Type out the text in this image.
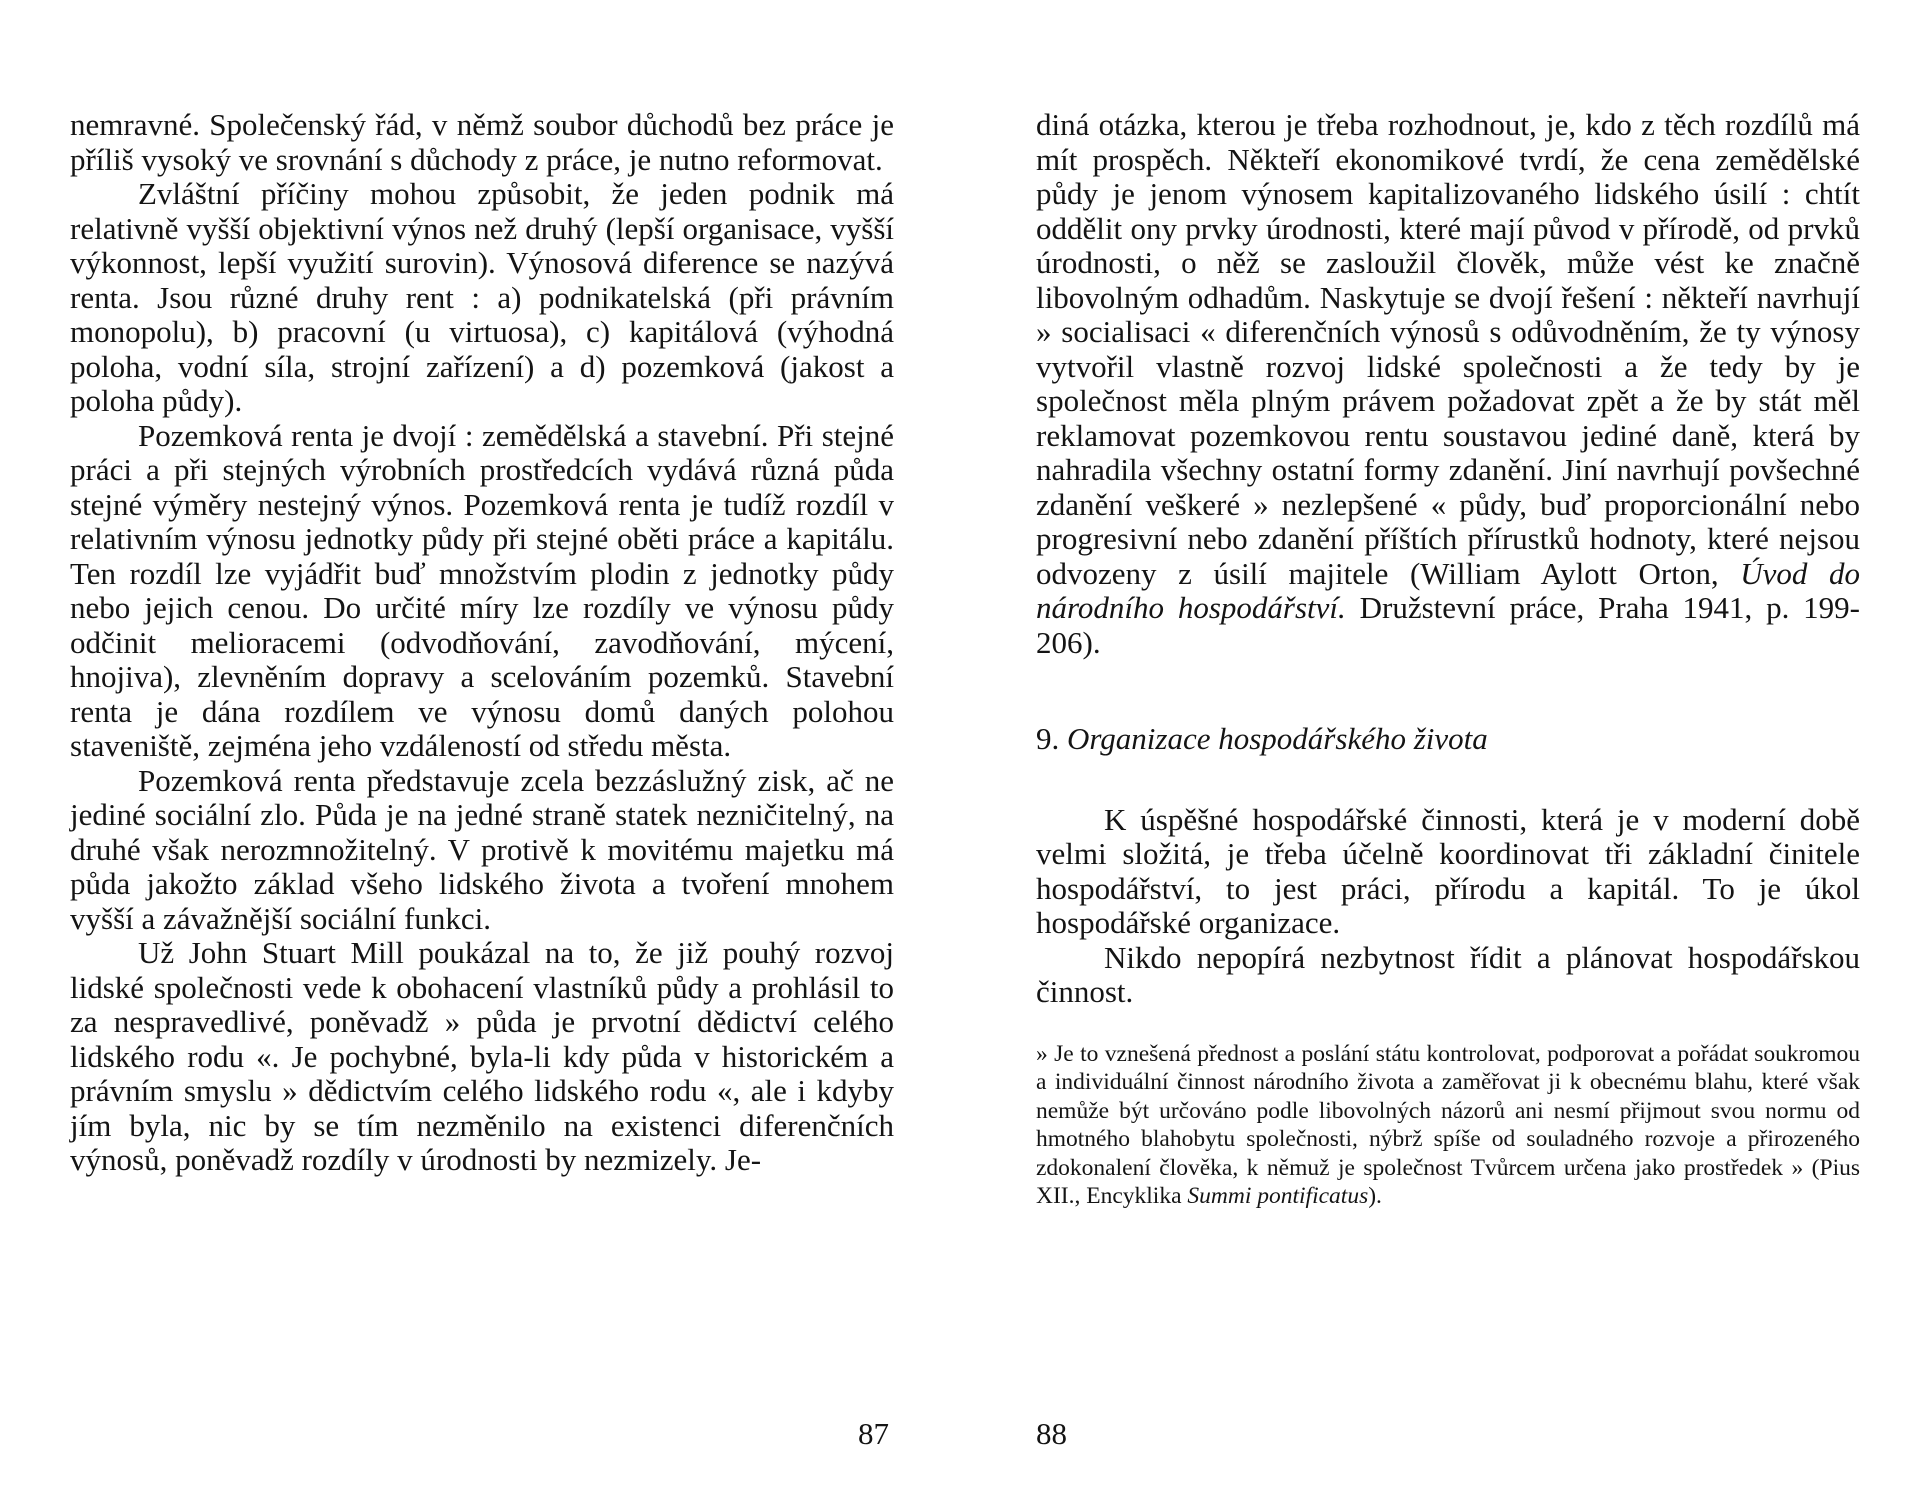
nemravné. Společenský řád, v němž soubor důchodů bez práce je příliš vysoký ve srovnání s důchody z práce, je nutno reformovat.

Zvláštní příčiny mohou způsobit, že jeden podnik má relativně vyšší objektivní výnos než druhý (lepší organisace, vyšší výkonnost, lepší využití surovin). Výnosová diference se nazývá renta. Jsou různé druhy rent : a) podnikatelská (při právním monopolu), b) pracovní (u virtuosa), c) kapitálová (výhodná poloha, vodní síla, strojní zařízení) a d) pozemková (jakost a poloha půdy).

Pozemková renta je dvojí : zemědělská a stavební. Při stejné práci a při stejných výrobních prostředcích vydává různá půda stejné výměry nestejný výnos. Pozemková renta je tudíž rozdíl v relativním výnosu jednotky půdy při stejné oběti práce a kapitálu. Ten rozdíl lze vyjádřit buď množstvím plodin z jednotky půdy nebo jejich cenou. Do určité míry lze rozdíly ve výnosu půdy odčinit melioracemi (odvodňování, zavodňování, mýcení, hnojiva), zlevněním dopravy a scelováním pozemků. Stavební renta je dána rozdílem ve výnosu domů daných polohou staveniště, zejména jeho vzdáleností od středu města.

Pozemková renta představuje zcela bezzáslužný zisk, ač ne jediné sociální zlo. Půda je na jedné straně statek nezničitelný, na druhé však nerozmnožitelný. V protivě k movitému majetku má půda jakožto základ všeho lidského života a tvoření mnohem vyšší a závažnější sociální funkci.

Už John Stuart Mill poukázal na to, že již pouhý rozvoj lidské společnosti vede k obohacení vlastníků půdy a prohlásil to za nespravedlivé, poněvadž » půda je prvotní dědictví celého lidského rodu «. Je pochybné, byla-li kdy půda v historickém a právním smyslu » dědictvím celého lidského rodu «, ale i kdyby jím byla, nic by se tím nezměnilo na existenci diferenčních výnosů, poněvadž rozdíly v úrodnosti by nezmizely. Je-

diná otázka, kterou je třeba rozhodnout, je, kdo z těch rozdílů má mít prospěch. Někteří ekonomikové tvrdí, že cena zemědělské půdy je jenom výnosem kapitalizovaného lidského úsilí : chtít oddělit ony prvky úrodnosti, které mají původ v přírodě, od prvků úrodnosti, o něž se zasloužil člověk, může vést ke značně libovolným odhadům. Naskytuje se dvojí řešení : někteří navrhují » socialisaci « diferenčních výnosů s odůvodněním, že ty výnosy vytvořil vlastně rozvoj lidské společnosti a že tedy by je společnost měla plným právem požadovat zpět a že by stát měl reklamovat pozemkovou rentu soustavou jediné daně, která by nahradila všechny ostatní formy zdanění. Jiní navrhují povšechné zdanění veškeré » nezlepšené « půdy, buď proporcionální nebo progresivní nebo zdanění příštích přírustků hodnoty, které nejsou odvozeny z úsilí majitele (William Aylott Orton, Úvod do národního hospodářství. Družstevní práce, Praha 1941, p. 199-206).

9. Organizace hospodářského života

K úspěšné hospodářské činnosti, která je v moderní době velmi složitá, je třeba účelně koordinovat tři základní činitele hospodářství, to jest práci, přírodu a kapitál. To je úkol hospodářské organizace.

Nikdo nepopírá nezbytnost řídit a plánovat hospodářskou činnost.

» Je to vznešená přednost a poslání státu kontrolovat, podporovat a pořádat soukromou a individuální činnost národního života a zaměřovat ji k obecnému blahu, které však nemůže být určováno podle libovolných názorů ani nesmí přijmout svou normu od hmotného blahobytu společnosti, nýbrž spíše od souladného rozvoje a přirozeného zdokonalení člověka, k němuž je společnost Tvůrcem určena jako prostředek » (Pius XII., Encyklika Summi pontificatus).

87	88
